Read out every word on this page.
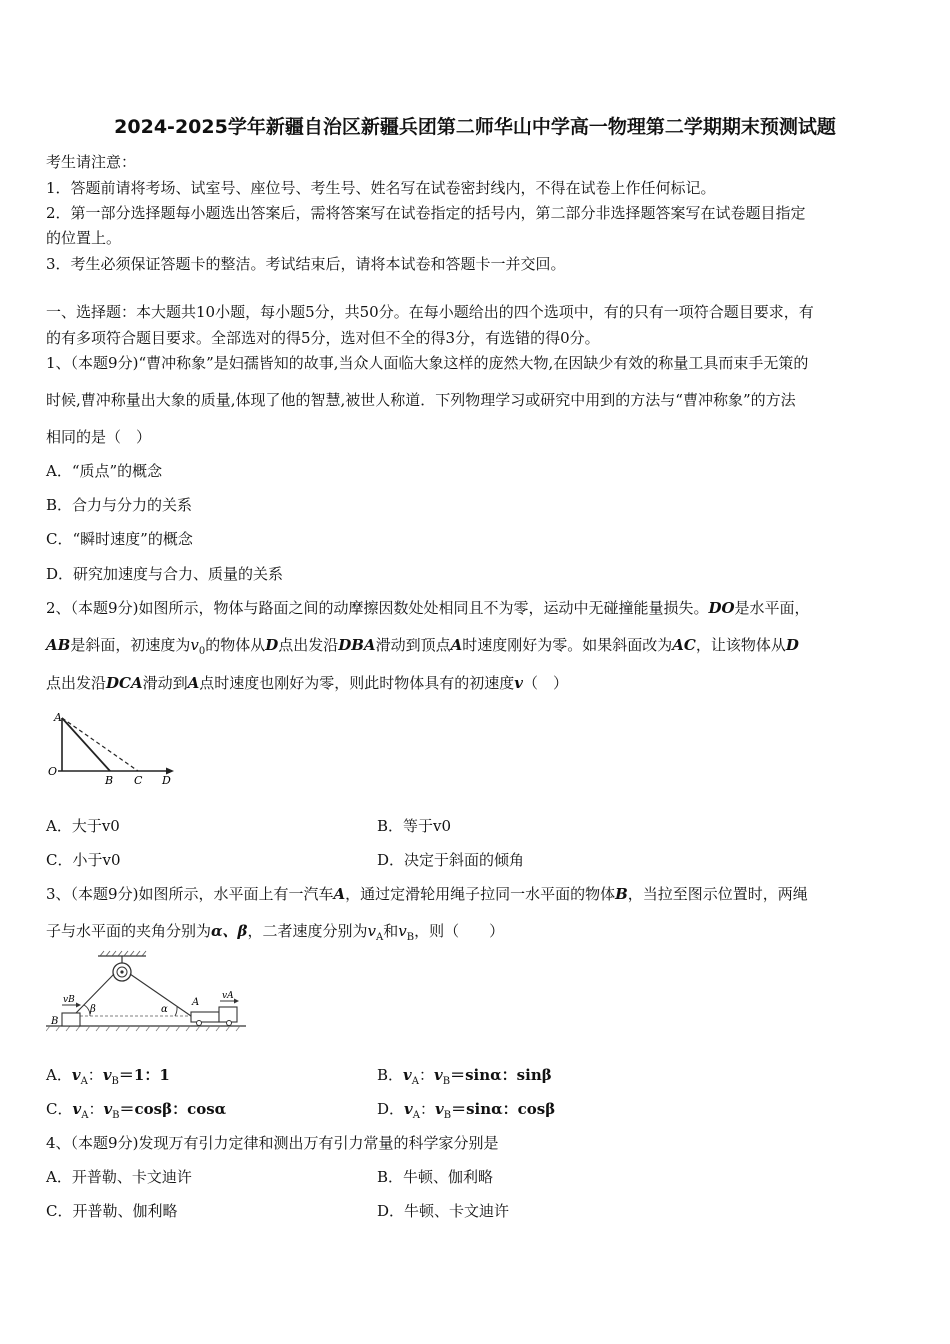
2024-2025学年新疆自治区新疆兵团第二师华山中学高一物理第二学期期末预测试题
考生请注意：
1．答题前请将考场、试室号、座位号、考生号、姓名写在试卷密封线内，不得在试卷上作任何标记。
2．第一部分选择题每小题选出答案后，需将答案写在试卷指定的括号内，第二部分非选择题答案写在试卷题目指定
的位置上。
3．考生必须保证答题卡的整洁。考试结束后，请将本试卷和答题卡一并交回。
一、选择题：本大题共10小题，每小题5分，共50分。在每小题给出的四个选项中，有的只有一项符合题目要求，有
的有多项符合题目要求。全部选对的得5分，选对但不全的得3分，有选错的得0分。
1、（本题9分)“曹冲称象”是妇孺皆知的故事,当众人面临大象这样的庞然大物,在因缺少有效的称量工具而束手无策的
时候,曹冲称量出大象的质量,体现了他的智慧,被世人称道．下列物理学习或研究中用到的方法与“曹冲称象”的方法
相同的是（　）
A．“质点”的概念
B．合力与分力的关系
C．“瞬时速度”的概念
D．研究加速度与合力、质量的关系
2、（本题9分)如图所示，物体与路面之间的动摩擦因数处处相同且不为零，运动中无碰撞能量损失。DO是水平面，
AB是斜面，初速度为$v_0$的物体从D点出发沿DBA滑动到顶点A时速度刚好为零。如果斜面改为AC，让该物体从D
点出发沿DCA滑动到A点时速度也刚好为零，则此时物体具有的初速度v（　）
A
O
B C D
A．大于v0	B．等于v0
C．小于v0	D．决定于斜面的倾角
3、（本题9分)如图所示，水平面上有一汽车A，通过定滑轮用绳子拉同一水平面的物体B，当拉至图示位置时，两绳
子与水平面的夹角分别为α、β，二者速度分别为$v_A$和$v_B$，则（　　）
vB
B
β	α
A
vA
A．$v_A$：$v_B=1$：1	B．$v_A$：$v_B=\sin\alpha$：sinβ
C．$v_A$：$v_B=\cos\beta$：cosα	D．$v_A$：$v_B=\sin\alpha$：cosβ
4、（本题9分)发现万有引力定律和测出万有引力常量的科学家分别是
A．开普勒、卡文迪许	B．牛顿、伽利略
C．开普勒、伽利略	D．牛顿、卡文迪许
